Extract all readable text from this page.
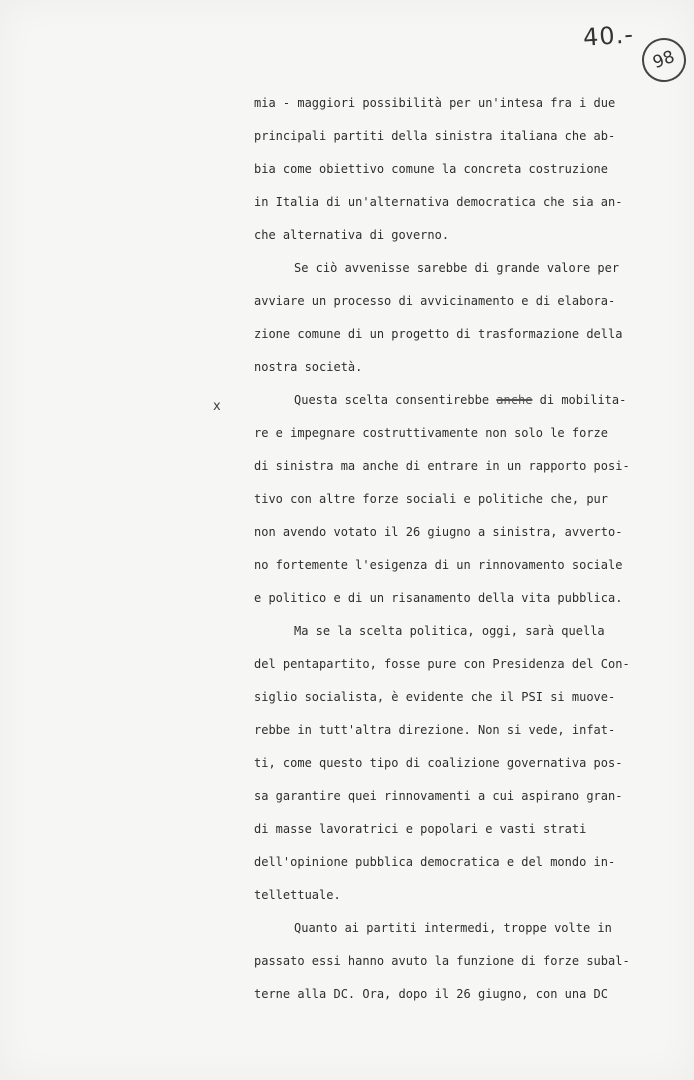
40.-
98
x
mia - maggiori possibilità per un'intesa fra i due
principali partiti della sinistra italiana che ab-
bia come obiettivo comune la concreta costruzione
in Italia di un'alternativa democratica che sia an-
che alternativa di governo.
Se ciò avvenisse sarebbe di grande valore per
avviare un processo di avvicinamento e di elabora-
zione comune di un progetto di trasformazione della
nostra società.
Questa scelta consentirebbe anche di mobilita-
re e impegnare costruttivamente non solo le forze
di sinistra ma anche di entrare in un rapporto posi-
tivo con altre forze sociali e politiche che, pur
non avendo votato il 26 giugno a sinistra, avverto-
no fortemente l'esigenza di un rinnovamento sociale
e politico e di un risanamento della vita pubblica.
Ma se la scelta politica, oggi, sarà quella
del pentapartito, fosse pure con Presidenza del Con-
siglio socialista, è evidente che il PSI si muove-
rebbe in tutt'altra direzione. Non si vede, infat-
ti, come questo tipo di coalizione governativa pos-
sa garantire quei rinnovamenti a cui aspirano gran-
di masse lavoratrici e popolari e vasti strati
dell'opinione pubblica democratica e del mondo in-
tellettuale.
Quanto ai partiti intermedi, troppe volte in
passato essi hanno avuto la funzione di forze subal-
terne alla DC. Ora, dopo il 26 giugno, con una DC
